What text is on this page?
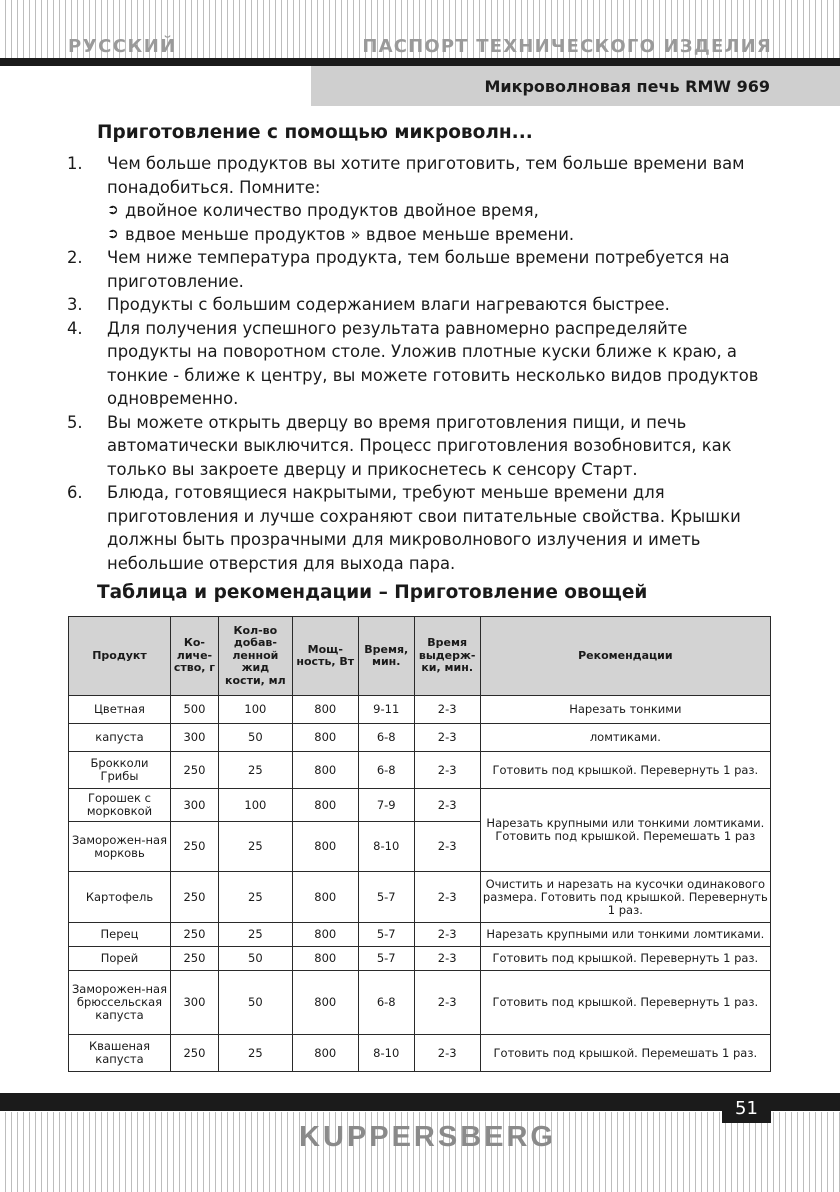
РУССКИЙ	ПАСПОРТ ТЕХНИЧЕСКОГО ИЗДЕЛИЯ
Микроволновая печь RMW 969
Приготовление с помощью микроволн...
1.	Чем больше продуктов вы хотите приготовить, тем больше времени вам понадобиться. Помните:
➲ двойное количество продуктов двойное время,
➲ вдвое меньше продуктов » вдвое меньше времени.
2.	Чем ниже температура продукта, тем больше времени потребуется на приготовление.
3.	Продукты с большим содержанием влаги нагреваются быстрее.
4.	Для получения успешного результата равномерно распределяйте продукты на поворотном столе. Уложив плотные куски ближе к краю, а тонкие - ближе к центру, вы можете готовить несколько видов продуктов одновременно.
5.	Вы можете открыть дверцу во время приготовления пищи, и печь автоматически выключится. Процесс приготовления возобновится, как только вы закроете дверцу и прикоснетесь к сенсору Старт.
6.	Блюда, готовящиеся накрытыми, требуют меньше времени для приготовления и лучше сохраняют свои питательные свойства. Крышки должны быть прозрачными для микроволнового излучения и иметь небольшие отверстия для выхода пара.
Таблица и рекомендации – Приготовление овощей
Продукт	Ко-личе-ство, г	Кол-во добав-ленной жид кости, мл	Мощ-ность, Вт	Время, мин.	Время выдерж-ки, мин.	Рекомендации
Цветная	500	100	800	9-11	2-3	Нарезать тонкими
капуста	300	50	800	6-8	2-3	ломтиками.
Брокколи Грибы	250	25	800	6-8	2-3	Готовить под крышкой. Перевернуть 1 раз.
Горошек с морковкой	300	100	800	7-9	2-3	Нарезать крупными или тонкими ломтиками. Готовить под крышкой. Перемешать 1 раз
Заморожен-ная морковь	250	25	800	8-10	2-3	
Картофель	250	25	800	5-7	2-3	Очистить и нарезать на кусочки одинакового размера. Готовить под крышкой. Перевернуть 1 раз.
Перец	250	25	800	5-7	2-3	Нарезать крупными или тонкими ломтиками.
Порей	250	50	800	5-7	2-3	Готовить под крышкой. Перевернуть 1 раз.
Заморожен-ная брюссельская капуста	300	50	800	6-8	2-3	Готовить под крышкой. Перевернуть 1 раз.
Квашеная капуста	250	25	800	8-10	2-3	Готовить под крышкой. Перемешать 1 раз.
51
KUPPERSBERG
